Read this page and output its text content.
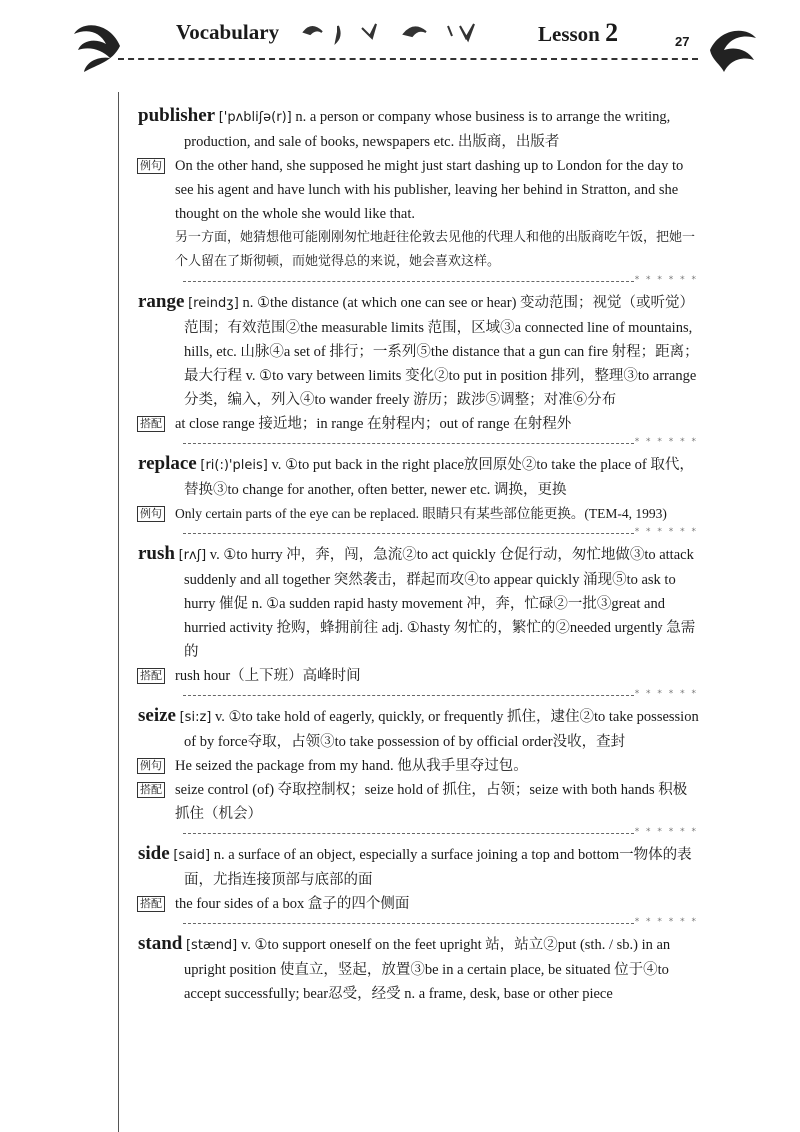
Vocabulary	Lesson 2	27
publisher ['pʌbliʃə(r)] n. a person or company whose business is to arrange the writing, production, and sale of books, newspapers etc. 出版商，出版者
例句 On the other hand, she supposed he might just start dashing up to London for the day to see his agent and have lunch with his publisher, leaving her behind in Stratton, and she thought on the whole she would like that.
另一方面，她猜想他可能刚刚匆忙地赶往伦敦去见他的代理人和他的出版商吃午饭，把她一个人留在了斯彻顿，而她觉得总的来说，她会喜欢这样。
* * * * * *
range [reindʒ] n. ①the distance (at which one can see or hear) 变动范围；视觉（或听觉）范围；有效范围②the measurable limits 范围，区域③a connected line of mountains, hills, etc. 山脉④a set of 排行；一系列⑤the distance that a gun can fire 射程；距离；最大行程 v. ①to vary between limits 变化②to put in position 排列，整理③to arrange 分类，编入，列入④to wander freely 游历；跋涉⑤调整；对准⑥分布
搭配 at close range 接近地；in range 在射程内；out of range 在射程外
* * * * * *
replace [ri(:)'pleis] v. ①to put back in the right place放回原处②to take the place of 取代，替换③to change for another, often better, newer etc. 调换，更换
例句 Only certain parts of the eye can be replaced. 眼睛只有某些部位能更换。(TEM-4, 1993)
* * * * * *
rush [rʌʃ] v. ①to hurry 冲，奔，闯，急流②to act quickly 仓促行动，匆忙地做③to attack suddenly and all together 突然袭击，群起而攻④to appear quickly 涌现⑤to ask to hurry 催促 n. ①a sudden rapid hasty movement 冲，奔，忙碌②一批③great and hurried activity 抢购，蜂拥前往 adj. ①hasty 匆忙的，繁忙的②needed urgently 急需的
搭配 rush hour（上下班）高峰时间
* * * * * *
seize [si:z] v. ①to take hold of eagerly, quickly, or frequently 抓住，逮住②to take possession of by force夺取，占领③to take possession of by official order没收，查封
例句 He seized the package from my hand. 他从我手里夺过包。
搭配 seize control (of) 夺取控制权；seize hold of 抓住，占领；seize with both hands 积极抓住（机会）
* * * * * *
side [said] n. a surface of an object, especially a surface joining a top and bottom一物体的表面，尤指连接顶部与底部的面
搭配 the four sides of a box 盒子的四个侧面
* * * * * *
stand [stænd] v. ①to support oneself on the feet upright 站，站立②put (sth. / sb.) in an upright position 使直立，竖起，放置③be in a certain place, be situated 位于④to accept successfully; bear忍受，经受 n. a frame, desk, base or other piece
